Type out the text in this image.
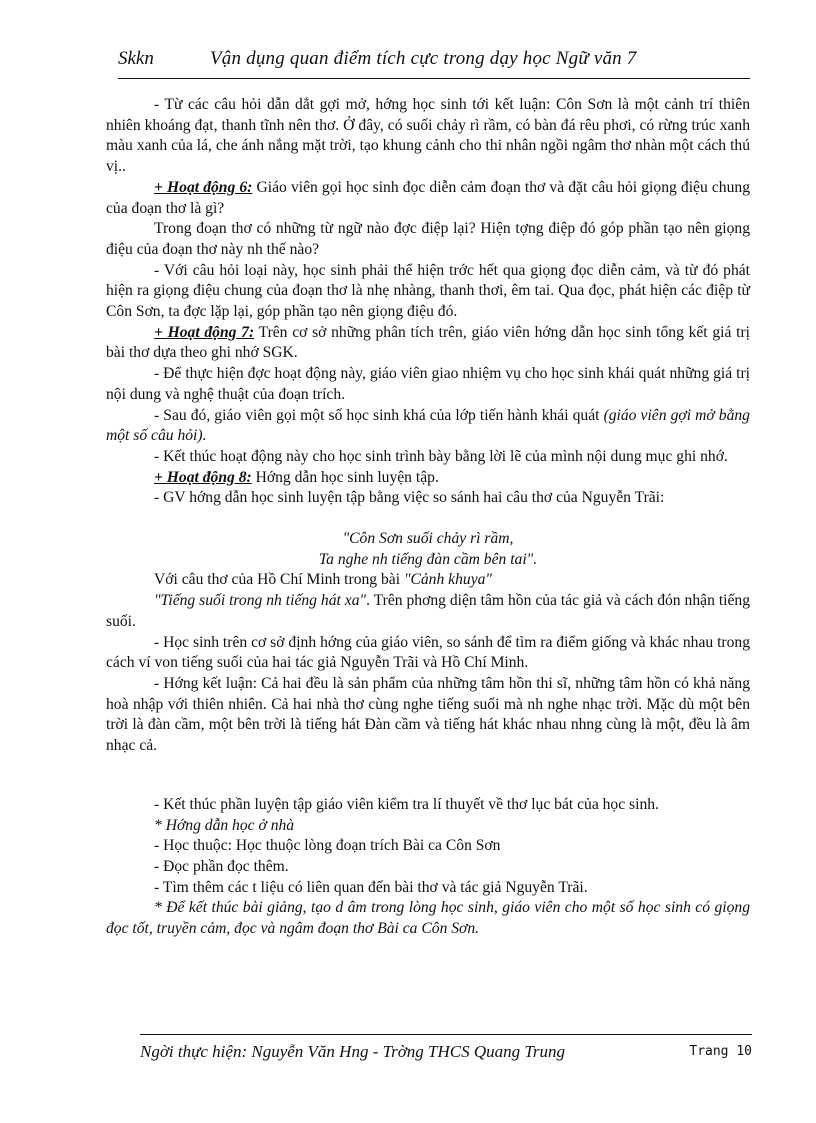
Skkn	Vận dụng quan điểm tích cực trong dạy học Ngữ văn 7

- Từ các câu hỏi dẫn dắt gợi mở, hớng học sinh tới kết luận: Côn Sơn là một cảnh trí thiên nhiên khoáng đạt, thanh tĩnh nên thơ. Ở đây, có suối chảy rì rầm, có bàn đá rêu phơi, có rừng trúc xanh màu xanh của lá, che ánh nắng mặt trời, tạo khung cảnh cho thi nhân ngồi ngâm thơ nhàn một cách thú vị..

+ Hoạt động 6: Giáo viên gọi học sinh đọc diễn cảm đoạn thơ và đặt câu hỏi giọng điệu chung của đoạn thơ là gì?

Trong đoạn thơ có những từ ngữ nào đợc điệp lại? Hiện tợng điệp đó góp phần tạo nên giọng điệu của đoạn thơ này nh thế nào?

- Với câu hỏi loại này, học sinh phải thể hiện trớc hết qua giọng đọc diễn cảm, và từ đó phát hiện ra giọng điệu chung của đoạn thơ là nhẹ nhàng, thanh thơi, êm tai. Qua đọc, phát hiện các điệp từ Côn Sơn, ta đợc lặp lại, góp phần tạo nên giọng điệu đó.

+ Hoạt động 7: Trên cơ sở những phân tích trên, giáo viên hớng dẫn học sinh tổng kết giá trị bài thơ dựa theo ghi nhớ SGK.

- Để thực hiện đợc hoạt động này, giáo viên giao nhiệm vụ cho học sinh khái quát những giá trị nội dung và nghệ thuật của đoạn trích.

- Sau đó, giáo viên gọi một số học sinh khá của lớp tiến hành khái quát (giáo viên gợi mở bằng một số câu hỏi).

- Kết thúc hoạt động này cho học sinh trình bày bằng lời lẽ của mình nội dung mục ghi nhớ.

+ Hoạt động 8: Hớng dẫn học sinh luyện tập.

- GV hớng dẫn học sinh luyện tập bằng việc so sánh hai câu thơ của Nguyễn Trãi:

"Côn Sơn suối chảy rì rầm,

Ta nghe nh tiếng đàn cầm bên tai".

Với câu thơ của Hồ Chí Minh trong bài "Cảnh khuya"

"Tiếng suối trong nh tiếng hát xa". Trên phơng diện tâm hồn của tác giả và cách đón nhận tiếng suối.

- Học sinh trên cơ sở định hớng của giáo viên, so sánh để tìm ra điểm giống và khác nhau trong cách ví von tiếng suối của hai tác giả Nguyễn Trãi và Hồ Chí Minh.

- Hớng kết luận: Cả hai đều là sản phẩm của những tâm hồn thi sĩ, những tâm hồn có khả năng hoà nhập với thiên nhiên. Cả hai nhà thơ cùng nghe tiếng suối mà nh nghe nhạc trời. Mặc dù một bên trời là đàn cầm, một bên trời là tiếng hát Đàn cầm và tiếng hát khác nhau nhng cùng là một, đều là âm nhạc cả.

- Kết thúc phần luyện tập giáo viên kiểm tra lí thuyết về thơ lục bát của học sinh.

* Hớng dẫn học ở nhà

- Học thuộc: Học thuộc lòng đoạn trích Bài ca Côn Sơn

- Đọc phần đọc thêm.

- Tìm thêm các t liệu có liên quan đến bài thơ và tác giả Nguyễn Trãi.

* Để kết thúc bài giảng, tạo d âm trong lòng học sinh, giáo viên cho một số học sinh có giọng đọc tốt, truyền cảm, đọc và ngâm đoạn thơ Bài ca Côn Sơn.

Ngời thực hiện: Nguyễn Văn Hng - Trờng THCS Quang Trung	Trang 10
